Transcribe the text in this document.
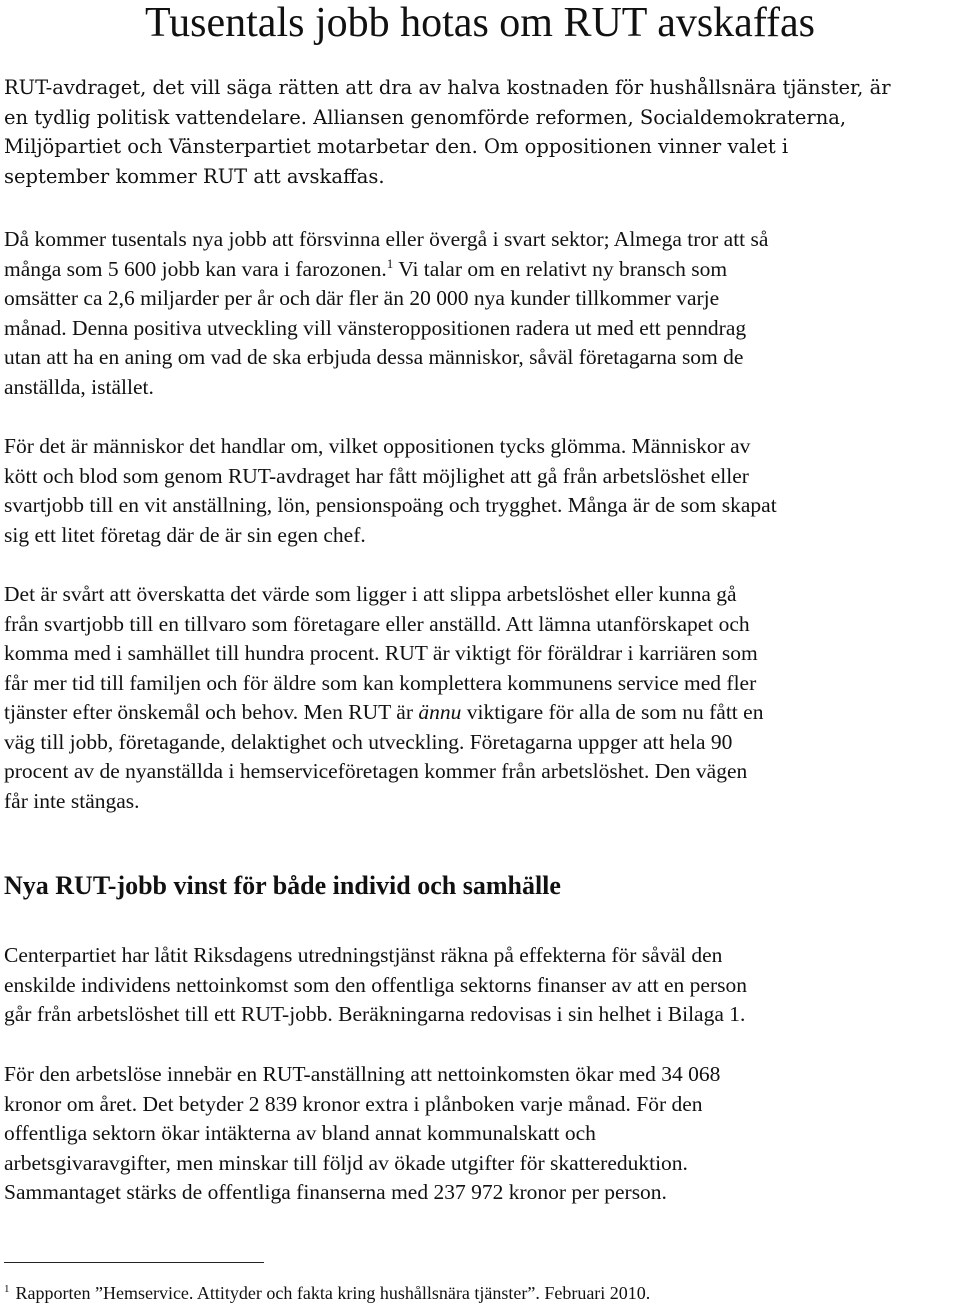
Tusentals jobb hotas om RUT avskaffas

RUT-avdraget, det vill säga rätten att dra av halva kostnaden för hushållsnära tjänster, är
en tydlig politisk vattendelare. Alliansen genomförde reformen, Socialdemokraterna,
Miljöpartiet och Vänsterpartiet motarbetar den. Om oppositionen vinner valet i
september kommer RUT att avskaffas.

Då kommer tusentals nya jobb att försvinna eller övergå i svart sektor; Almega tror att så
många som 5 600 jobb kan vara i farozonen.$^1$ Vi talar om en relativt ny bransch som
omsätter ca 2,6 miljarder per år och där fler än 20 000 nya kunder tillkommer varje
månad. Denna positiva utveckling vill vänsteroppositionen radera ut med ett penndrag
utan att ha en aning om vad de ska erbjuda dessa människor, såväl företagarna som de
anställda, istället.

För det är människor det handlar om, vilket oppositionen tycks glömma. Människor av
kött och blod som genom RUT-avdraget har fått möjlighet att gå från arbetslöshet eller
svartjobb till en vit anställning, lön, pensionspoäng och trygghet. Många är de som skapat
sig ett litet företag där de är sin egen chef.

Det är svårt att överskatta det värde som ligger i att slippa arbetslöshet eller kunna gå
från svartjobb till en tillvaro som företagare eller anställd. Att lämna utanförskapet och
komma med i samhället till hundra procent. RUT är viktigt för föräldrar i karriären som
får mer tid till familjen och för äldre som kan komplettera kommunens service med fler
tjänster efter önskemål och behov. Men RUT är ännu viktigare för alla de som nu fått en
väg till jobb, företagande, delaktighet och utveckling. Företagarna uppger att hela 90
procent av de nyanställda i hemserviceföretagen kommer från arbetslöshet. Den vägen
får inte stängas.

Nya RUT-jobb vinst för både individ och samhälle

Centerpartiet har låtit Riksdagens utredningstjänst räkna på effekterna för såväl den
enskilde individens nettoinkomst som den offentliga sektorns finanser av att en person
går från arbetslöshet till ett RUT-jobb. Beräkningarna redovisas i sin helhet i Bilaga 1.

För den arbetslöse innebär en RUT-anställning att nettoinkomsten ökar med 34 068
kronor om året. Det betyder 2 839 kronor extra i plånboken varje månad. För den
offentliga sektorn ökar intäkterna av bland annat kommunalskatt och
arbetsgivaravgifter, men minskar till följd av ökade utgifter för skattereduktion.
Sammantaget stärks de offentliga finanserna med 237 972 kronor per person.

$^1$ Rapporten ”Hemservice. Attityder och fakta kring hushållsnära tjänster”. Februari 2010.
